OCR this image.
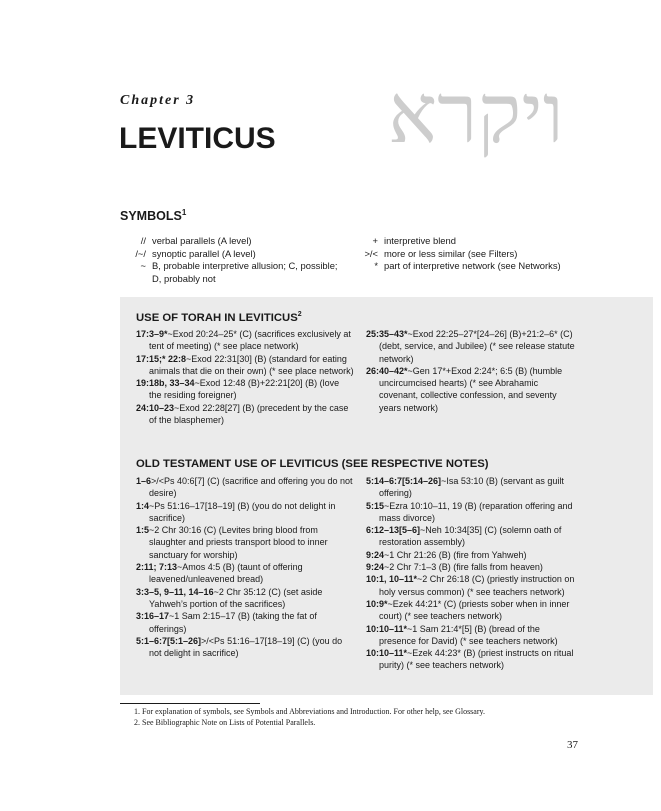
Chapter 3 ויקרא
LEVITICUS
SYMBOLS$^1$
// verbal parallels (A level)
/~/ synoptic parallel (A level)
~ B, probable interpretive allusion; C, possible;
D, probably not
+ interpretive blend
>/< more or less similar (see Filters)
* part of interpretive network (see Networks)
USE OF TORAH IN LEVITICUS$^2$

17:3–9*~Exod 20:24–25* (C) (sacrifices exclusively at tent of meeting) (* see place network)

17:15;* 22:8~Exod 22:31[30] (B) (standard for eating animals that die on their own) (* see place network)

19:18b, 33–34~Exod 12:48 (B)+22:21[20] (B) (love the residing foreigner)

24:10–23~Exod 22:28[27] (B) (precedent by the case of the blasphemer)

25:35–43*~Exod 22:25–27*[24–26] (B)+21:2–6* (C) (debt, service, and Jubilee) (* see release statute network)

26:40–42*~Gen 17*+Exod 2:24*; 6:5 (B) (humble uncircumcised hearts) (* see Abrahamic covenant, collective confession, and seventy years network)

OLD TESTAMENT USE OF LEVITICUS (SEE RESPECTIVE NOTES)

1–6>/<Ps 40:6[7] (C) (sacrifice and offering you do not desire)

1:4~Ps 51:16–17[18–19] (B) (you do not delight in sacrifice)

1:5~2 Chr 30:16 (C) (Levites bring blood from slaughter and priests transport blood to inner sanctuary for worship)

2:11; 7:13~Amos 4:5 (B) (taunt of offering leavened/unleavened bread)

3:3–5, 9–11, 14–16~2 Chr 35:12 (C) (set aside Yahweh’s portion of the sacrifices)

3:16–17~1 Sam 2:15–17 (B) (taking the fat of offerings)

5:1–6:7[5:1–26]>/<Ps 51:16–17[18–19] (C) (you do not delight in sacrifice)

5:14–6:7[5:14–26]~Isa 53:10 (B) (servant as guilt offering)

5:15~Ezra 10:10–11, 19 (B) (reparation offering and mass divorce)

6:12–13[5–6]~Neh 10:34[35] (C) (solemn oath of restoration assembly)

9:24~1 Chr 21:26 (B) (fire from Yahweh)

9:24~2 Chr 7:1–3 (B) (fire falls from heaven)

10:1, 10–11*~2 Chr 26:18 (C) (priestly instruction on holy versus common) (* see teachers network)

10:9*~Ezek 44:21* (C) (priests sober when in inner court) (* see teachers network)

10:10–11*~1 Sam 21:4*[5] (B) (bread of the presence for David) (* see teachers network)

10:10–11*~Ezek 44:23* (B) (priest instructs on ritual purity) (* see teachers network)

1. For explanation of symbols, see Symbols and Abbreviations and Introduction. For other help, see Glossary.
2. See Bibliographic Note on Lists of Potential Parallels.
37
